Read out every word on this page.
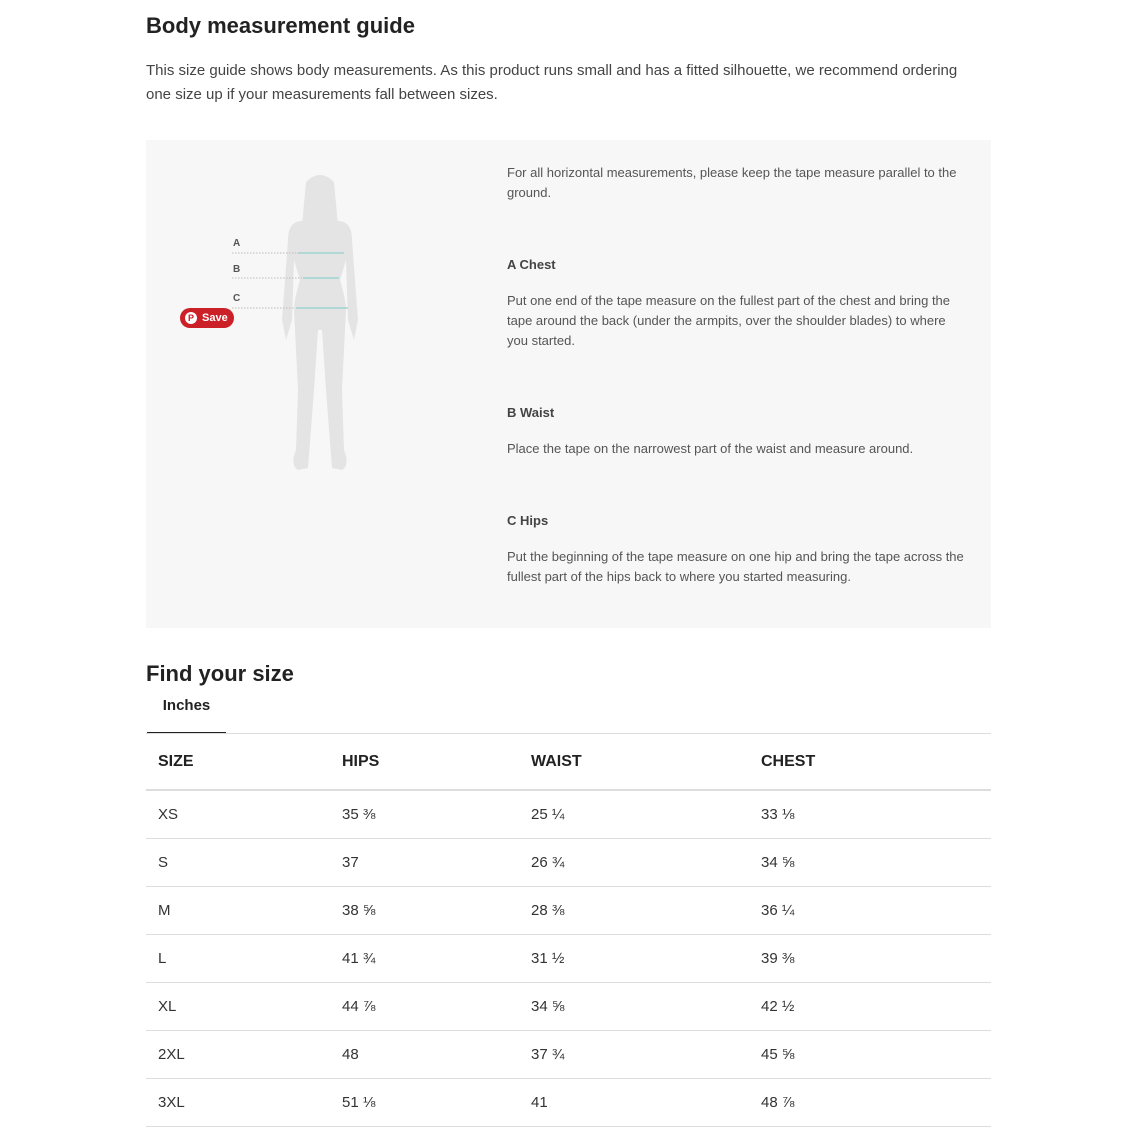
Body measurement guide

This size guide shows body measurements. As this product runs small and has a fitted silhouette, we recommend ordering one size up if your measurements fall between sizes.

A
B
C
P Save

For all horizontal measurements, please keep the tape measure parallel to the ground.

A Chest

Put one end of the tape measure on the fullest part of the chest and bring the tape around the back (under the armpits, over the shoulder blades) to where you started.

B Waist

Place the tape on the narrowest part of the waist and measure around.

C Hips

Put the beginning of the tape measure on one hip and bring the tape across the fullest part of the hips back to where you started measuring.

Find your size
Inches
SIZE	HIPS	WAIST	CHEST
XS	35 ⅜	25 ¼	33 ⅛
S	37	26 ¾	34 ⅝
M	38 ⅝	28 ⅜	36 ¼
L	41 ¾	31 ½	39 ⅜
XL	44 ⅞	34 ⅝	42 ½
2XL	48	37 ¾	45 ⅝
3XL	51 ⅛	41	48 ⅞
